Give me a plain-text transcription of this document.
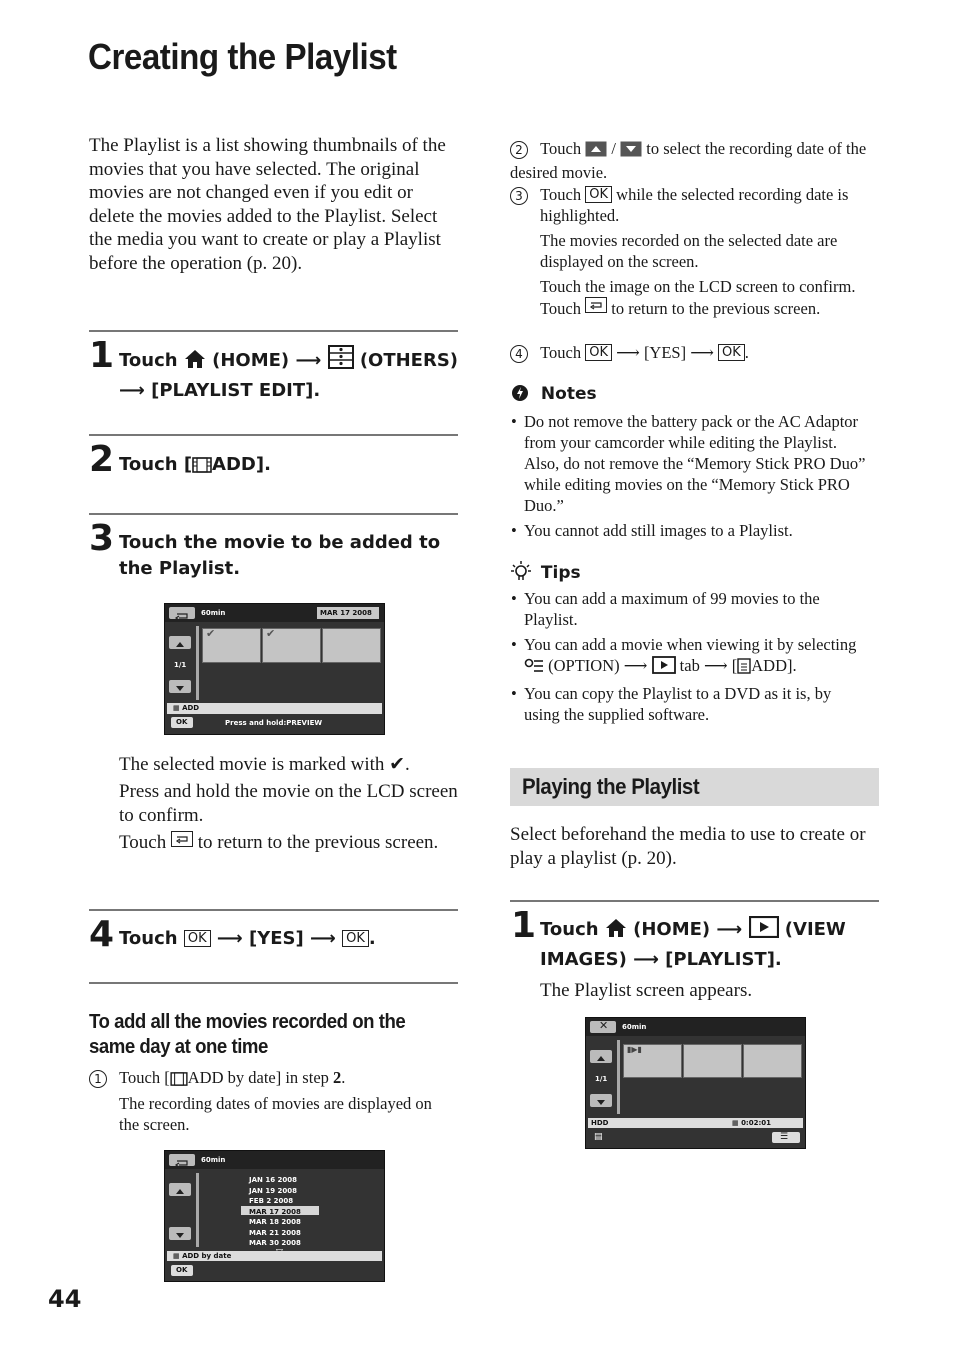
Creating the Playlist
The Playlist is a list showing thumbnails of the movies that you have selected. The original movies are not changed even if you edit or delete the movies added to the Playlist. Select the media you want to create or play a Playlist before the operation (p. 20).
1 Touch (HOME) ⟶ (OTHERS)
⟶ [PLAYLIST EDIT].
2 Touch [ ADD].
3 Touch the movie to be added to the Playlist.
60min	MAR 17 2008
1/1
✔	✔
▦ ADD
OK	Press and hold:PREVIEW
The selected movie is marked with ✔.
Press and hold the movie on the LCD screen to confirm.
Touch to return to the previous screen.
4 Touch OK ⟶ [YES] ⟶ OK .
To add all the movies recorded on the same day at one time
1 Touch [ ADD by date] in step 2.
The recording dates of movies are displayed on the screen.
60min
JAN 16 2008
JAN 19 2008
FEB 2 2008
MAR 17 2008
MAR 18 2008
MAR 21 2008
MAR 30 2008
▦ ADD by date
OK
2 Touch / to select the recording date of the desired movie.
3 Touch OK while the selected recording date is highlighted.
The movies recorded on the selected date are displayed on the screen.
Touch the image on the LCD screen to confirm. Touch to return to the previous screen.
4 Touch OK ⟶ [YES] ⟶ OK .
Notes
• Do not remove the battery pack or the AC Adaptor from your camcorder while editing the Playlist. Also, do not remove the “Memory Stick PRO Duo” while editing movies on the “Memory Stick PRO Duo.”
• You cannot add still images to a Playlist.
Tips
• You can add a maximum of 99 movies to the Playlist.
• You can add a movie when viewing it by selecting  (OPTION) ⟶  tab ⟶ [ ADD].
• You can copy the Playlist to a DVD as it is, by using the supplied software.
Playing the Playlist
Select beforehand the media to use to create or play a playlist (p. 20).
1 Touch (HOME) ⟶  (VIEW
IMAGES) ⟶ [PLAYLIST].
The Playlist screen appears.
✕ 60min
1/1
▮▶▮
HDD	▦ 0:02:01
▤	☰
44
